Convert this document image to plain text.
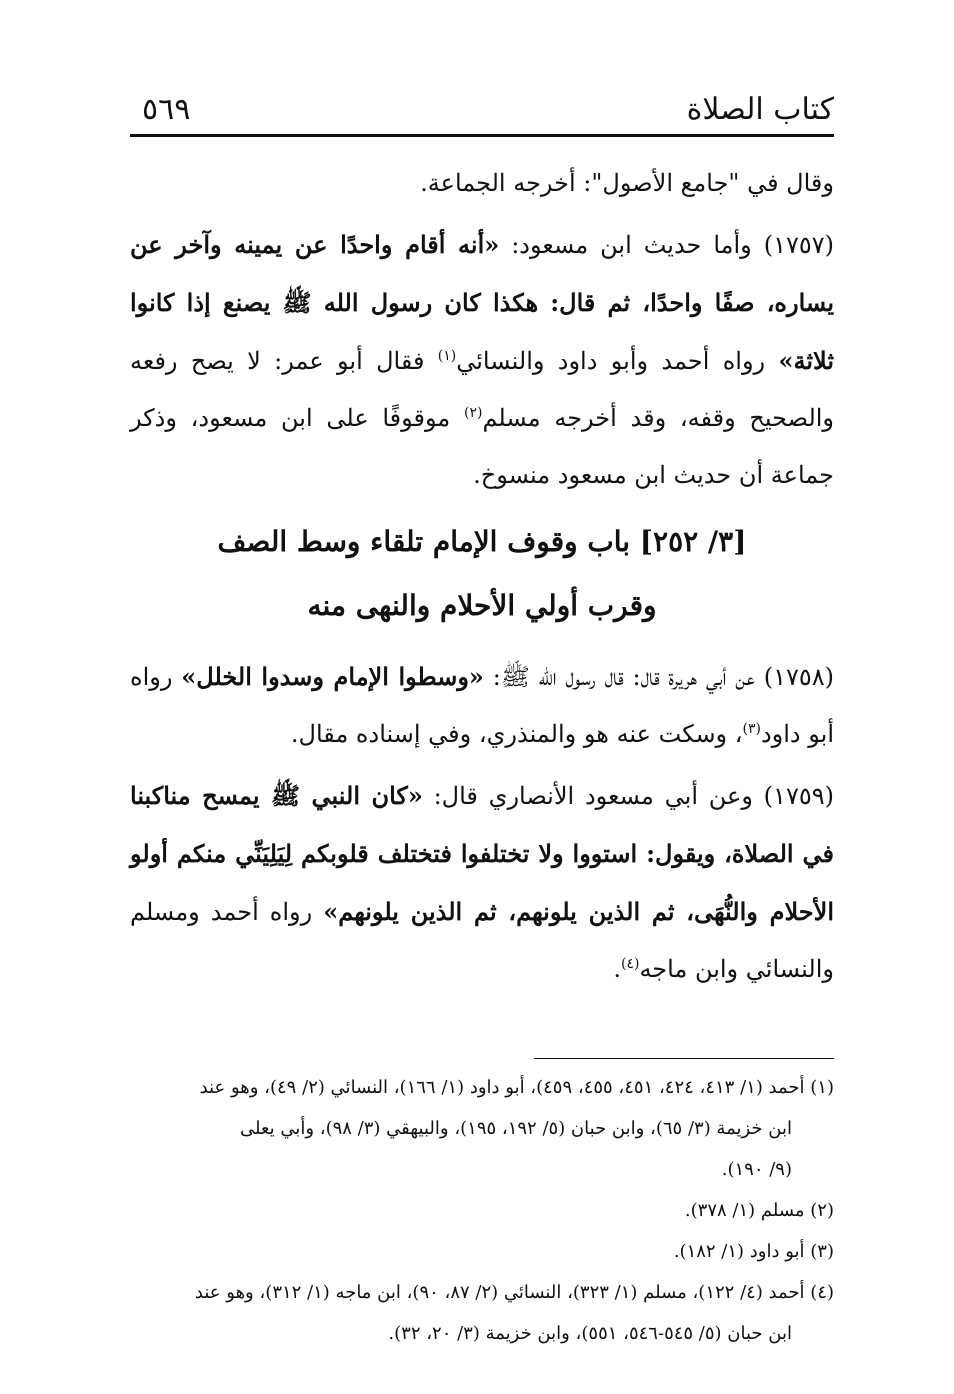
كتاب الصلاة
٥٦٩

وقال في "جامع الأصول": أخرجه الجماعة.

(١٧٥٧) وأما حديث ابن مسعود: «أنه أقام واحدًا عن يمينه وآخر عن يساره، صفًا واحدًا، ثم قال: هكذا كان رسول الله ﷺ يصنع إذا كانوا ثلاثة» رواه أحمد وأبو داود والنسائي$^{(١)}$ فقال أبو عمر: لا يصح رفعه والصحيح وقفه، وقد أخرجه مسلم$^{(٢)}$ موقوفًا على ابن مسعود، وذكر جماعة أن حديث ابن مسعود منسوخ.

[٣/ ٢٥٢] باب وقوف الإمام تلقاء وسط الصف
وقرب أولي الأحلام والنهى منه

(١٧٥٨) عن أبي هريرة قال: قال رسول الله ﷺ: «وسطوا الإمام وسدوا الخلل» رواه أبو داود$^{(٣)}$، وسكت عنه هو والمنذري، وفي إسناده مقال.

(١٧٥٩) وعن أبي مسعود الأنصاري قال: «كان النبي ﷺ يمسح مناكبنا في الصلاة، ويقول: استووا ولا تختلفوا فتختلف قلوبكم لِيَلِيَنِّي منكم أولو الأحلام والنُّهَى، ثم الذين يلونهم، ثم الذين يلونهم» رواه أحمد ومسلم والنسائي وابن ماجه$^{(٤)}$.

(١) أحمد (١/ ٤١٣، ٤٢٤، ٤٥١، ٤٥٥، ٤٥٩)، أبو داود (١/ ١٦٦)، النسائي (٢/ ٤٩)، وهو عند
ابن خزيمة (٣/ ٦٥)، وابن حبان (٥/ ١٩٢، ١٩٥)، والبيهقي (٣/ ٩٨)، وأبي يعلى
(٩/ ١٩٠).

(٢) مسلم (١/ ٣٧٨).

(٣) أبو داود (١/ ١٨٢).

(٤) أحمد (٤/ ١٢٢)، مسلم (١/ ٣٢٣)، النسائي (٢/ ٨٧، ٩٠)، ابن ماجه (١/ ٣١٢)، وهو عند
ابن حبان (٥/ ٥٤٥-٥٤٦، ٥٥١)، وابن خزيمة (٣/ ٢٠، ٣٢).
